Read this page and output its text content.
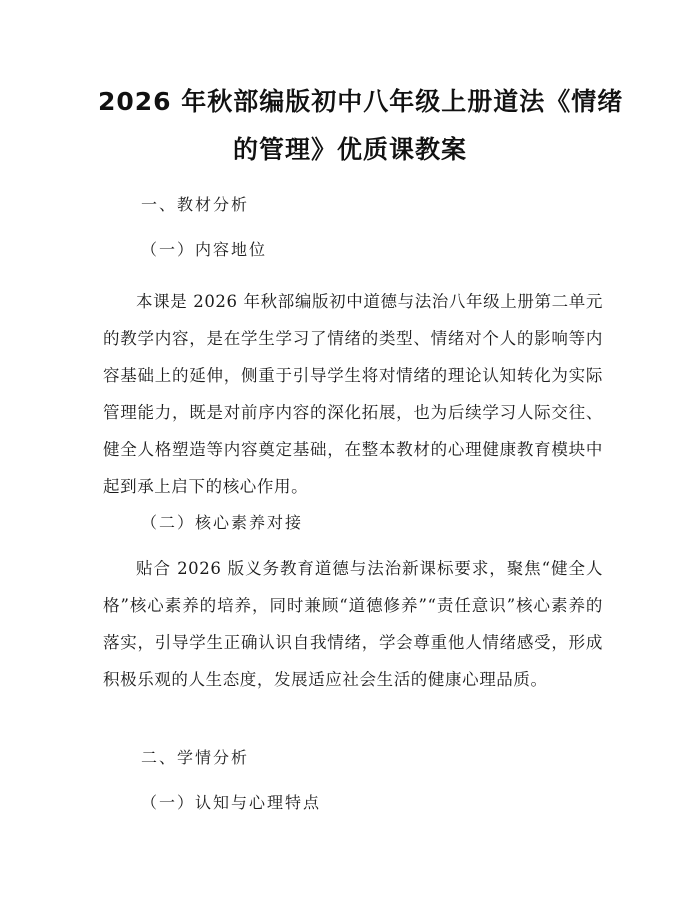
2026 年秋部编版初中八年级上册道法《情绪
的管理》优质课教案
一、教材分析
（一）内容地位
本课是 2026 年秋部编版初中道德与法治八年级上册第二单元的教学内容，是在学生学习了情绪的类型、情绪对个人的影响等内容基础上的延伸，侧重于引导学生将对情绪的理论认知转化为实际管理能力，既是对前序内容的深化拓展，也为后续学习人际交往、健全人格塑造等内容奠定基础，在整本教材的心理健康教育模块中起到承上启下的核心作用。
（二）核心素养对接
贴合 2026 版义务教育道德与法治新课标要求，聚焦“健全人格”核心素养的培养，同时兼顾“道德修养”“责任意识”核心素养的落实，引导学生正确认识自我情绪，学会尊重他人情绪感受，形成积极乐观的人生态度，发展适应社会生活的健康心理品质。
二、学情分析
（一）认知与心理特点
